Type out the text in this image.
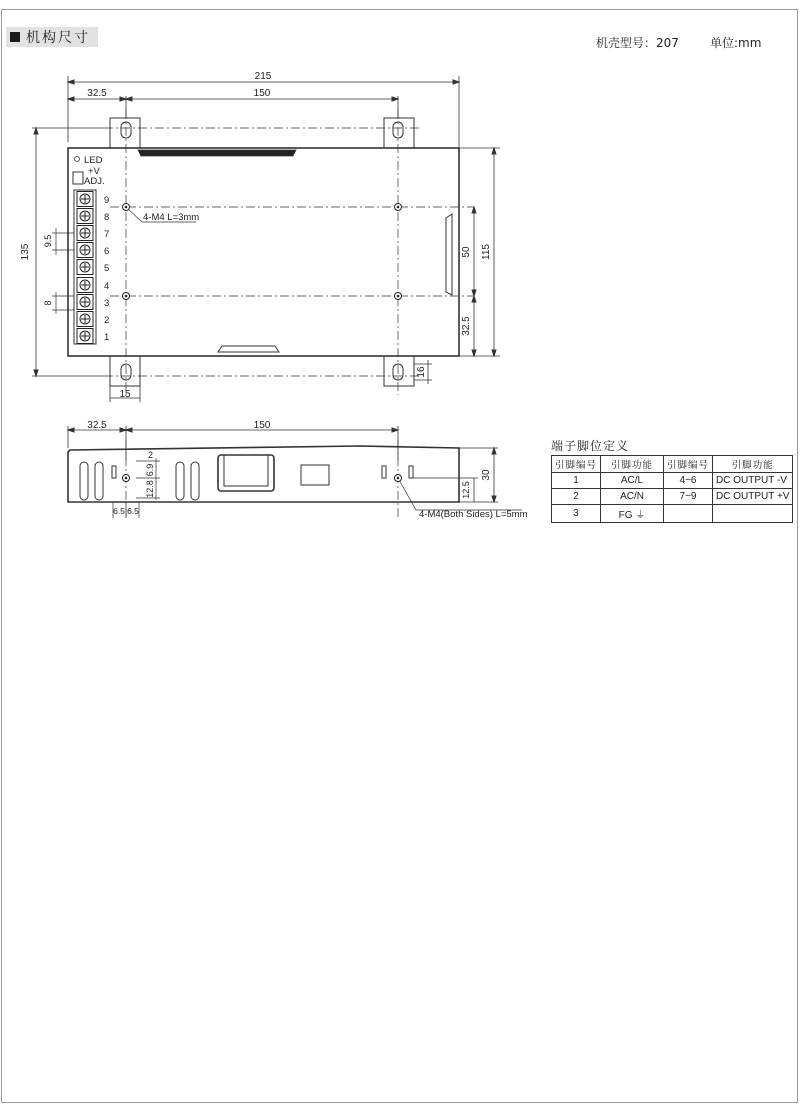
机构尺寸	机壳型号：207	单位:mm
9
8
7
6
5
4
3
2
1
215
32.5	150
135	115
50
32.5
15
16
9.5
8
LED
+V
ADJ.
4-M4 L=3mm
32.5	150
2
6.9
12.8
6.5 6.5
30
12.5
4-M4(Both Sides) L=5mm
端子脚位定义
引脚编号	引脚功能	引脚编号	引脚功能
1	AC/L	4~6	DC OUTPUT -V
2	AC/N	7~9	DC OUTPUT +V
3	FG ⏚		
